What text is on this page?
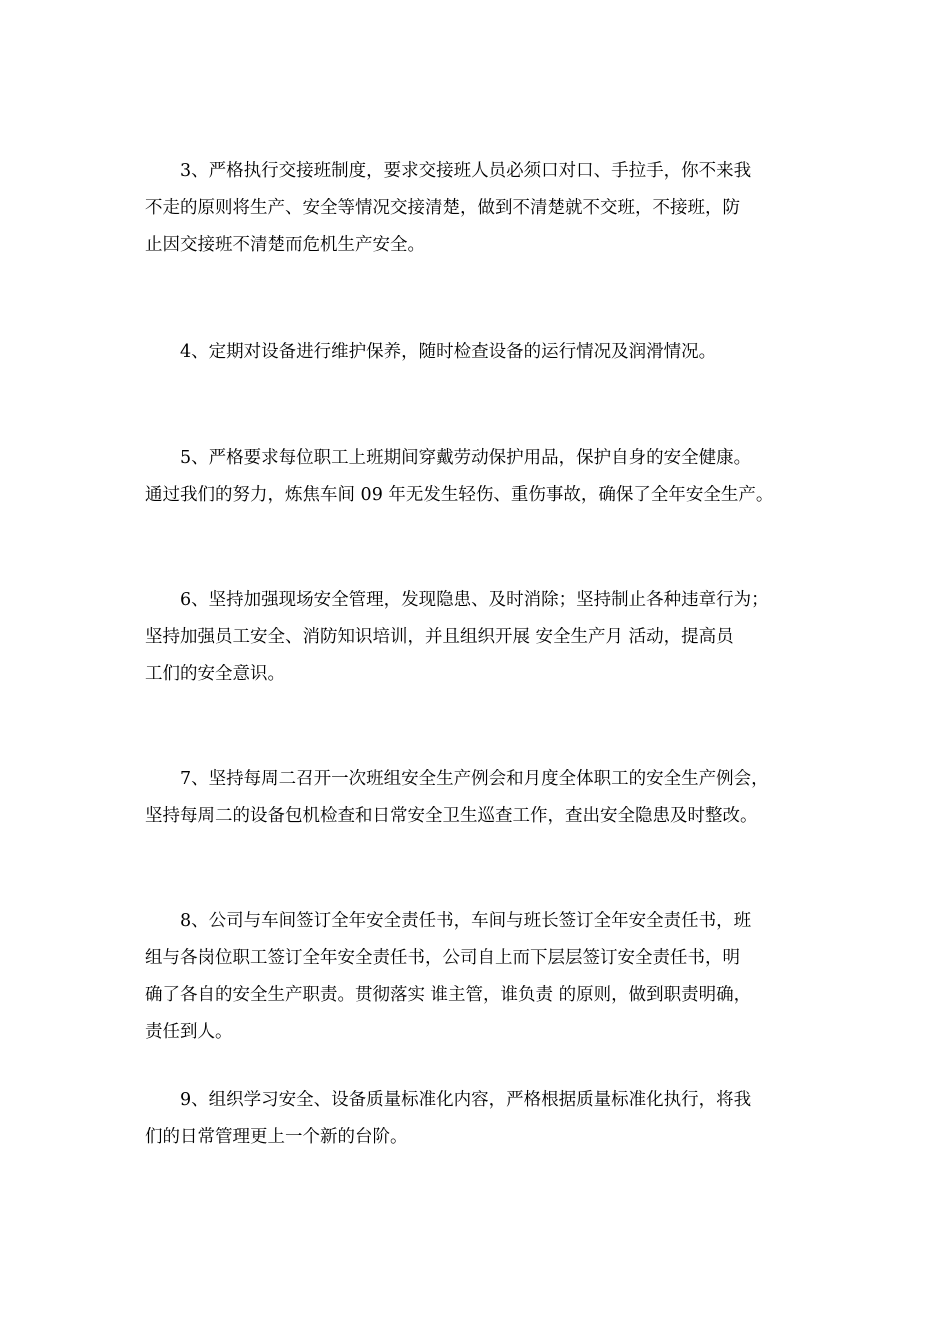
3、严格执行交接班制度，要求交接班人员必须口对口、手拉手，你不来我
不走的原则将生产、安全等情况交接清楚，做到不清楚就不交班，不接班，防
止因交接班不清楚而危机生产安全。
4、定期对设备进行维护保养，随时检查设备的运行情况及润滑情况。
5、严格要求每位职工上班期间穿戴劳动保护用品，保护自身的安全健康。
通过我们的努力，炼焦车间 09 年无发生轻伤、重伤事故，确保了全年安全生产。
6、坚持加强现场安全管理，发现隐患、及时消除；坚持制止各种违章行为；
坚持加强员工安全、消防知识培训，并且组织开展 安全生产月 活动，提高员
工们的安全意识。
7、坚持每周二召开一次班组安全生产例会和月度全体职工的安全生产例会，
坚持每周二的设备包机检查和日常安全卫生巡查工作，查出安全隐患及时整改。
8、公司与车间签订全年安全责任书，车间与班长签订全年安全责任书，班
组与各岗位职工签订全年安全责任书，公司自上而下层层签订安全责任书，明
确了各自的安全生产职责。贯彻落实 谁主管，谁负责 的原则，做到职责明确，
责任到人。
9、组织学习安全、设备质量标准化内容，严格根据质量标准化执行，将我
们的日常管理更上一个新的台阶。
